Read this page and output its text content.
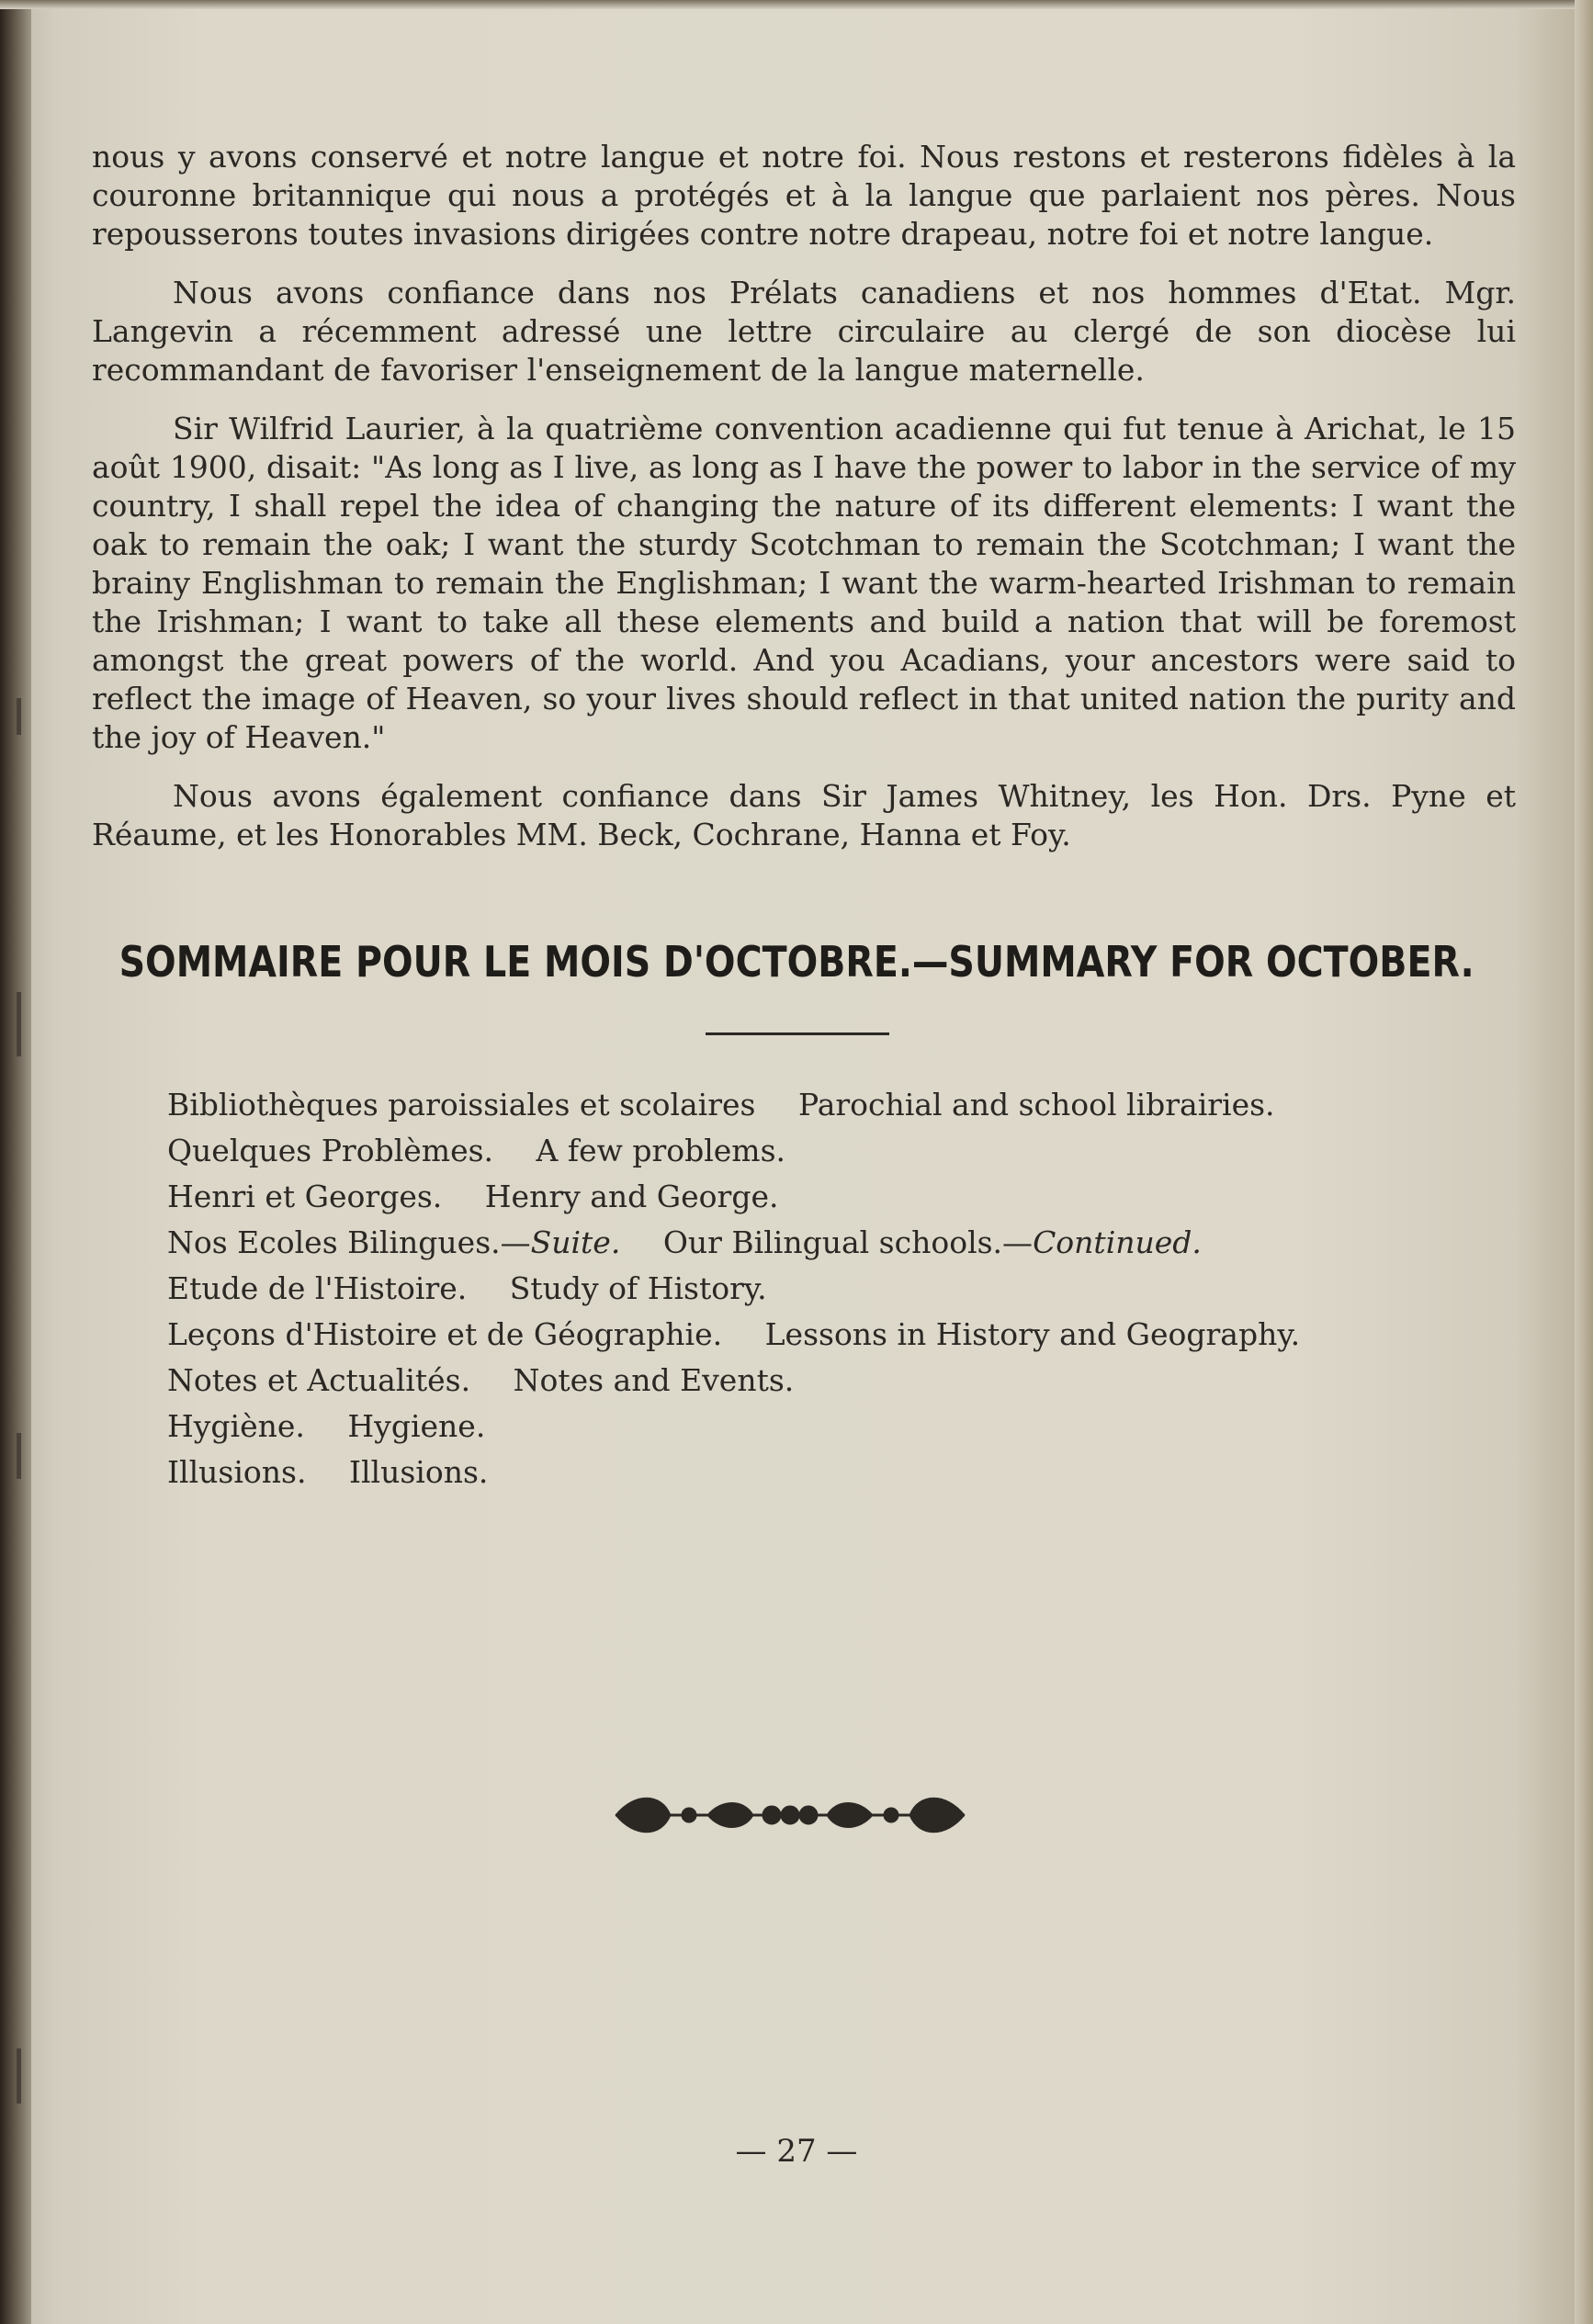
nous y avons conservé et notre langue et notre foi. Nous restons et resterons fidèles à la couronne britannique qui nous a protégés et à la langue que parlaient nos pères. Nous repousserons toutes invasions dirigées contre notre drapeau, notre foi et notre langue.

Nous avons confiance dans nos Prélats canadiens et nos hommes d'Etat. Mgr. Langevin a récemment adressé une lettre circulaire au clergé de son diocèse lui recommandant de favoriser l'enseignement de la langue maternelle.

Sir Wilfrid Laurier, à la quatrième convention acadienne qui fut tenue à Arichat, le 15 août 1900, disait: "As long as I live, as long as I have the power to labor in the service of my country, I shall repel the idea of changing the nature of its different elements: I want the oak to remain the oak; I want the sturdy Scotchman to remain the Scotchman; I want the brainy Englishman to remain the Englishman; I want the warm-hearted Irishman to remain the Irishman; I want to take all these elements and build a nation that will be foremost amongst the great powers of the world. And you Acadians, your ancestors were said to reflect the image of Heaven, so your lives should reflect in that united nation the purity and the joy of Heaven."

Nous avons également confiance dans Sir James Whitney, les Hon. Drs. Pyne et Réaume, et les Honorables MM. Beck, Cochrane, Hanna et Foy.

SOMMAIRE POUR LE MOIS D'OCTOBRE.—SUMMARY FOR OCTOBER.
Bibliothèques paroissiales et scolaires Parochial and school librairies.
Quelques Problèmes. A few problems.
Henri et Georges. Henry and George.
Nos Ecoles Bilingues.—Suite. Our Bilingual schools.—Continued.
Etude de l'Histoire. Study of History.
Leçons d'Histoire et de Géographie. Lessons in History and Geography.
Notes et Actualités. Notes and Events.
Hygiène. Hygiene.
Illusions. Illusions.
— 27 —
